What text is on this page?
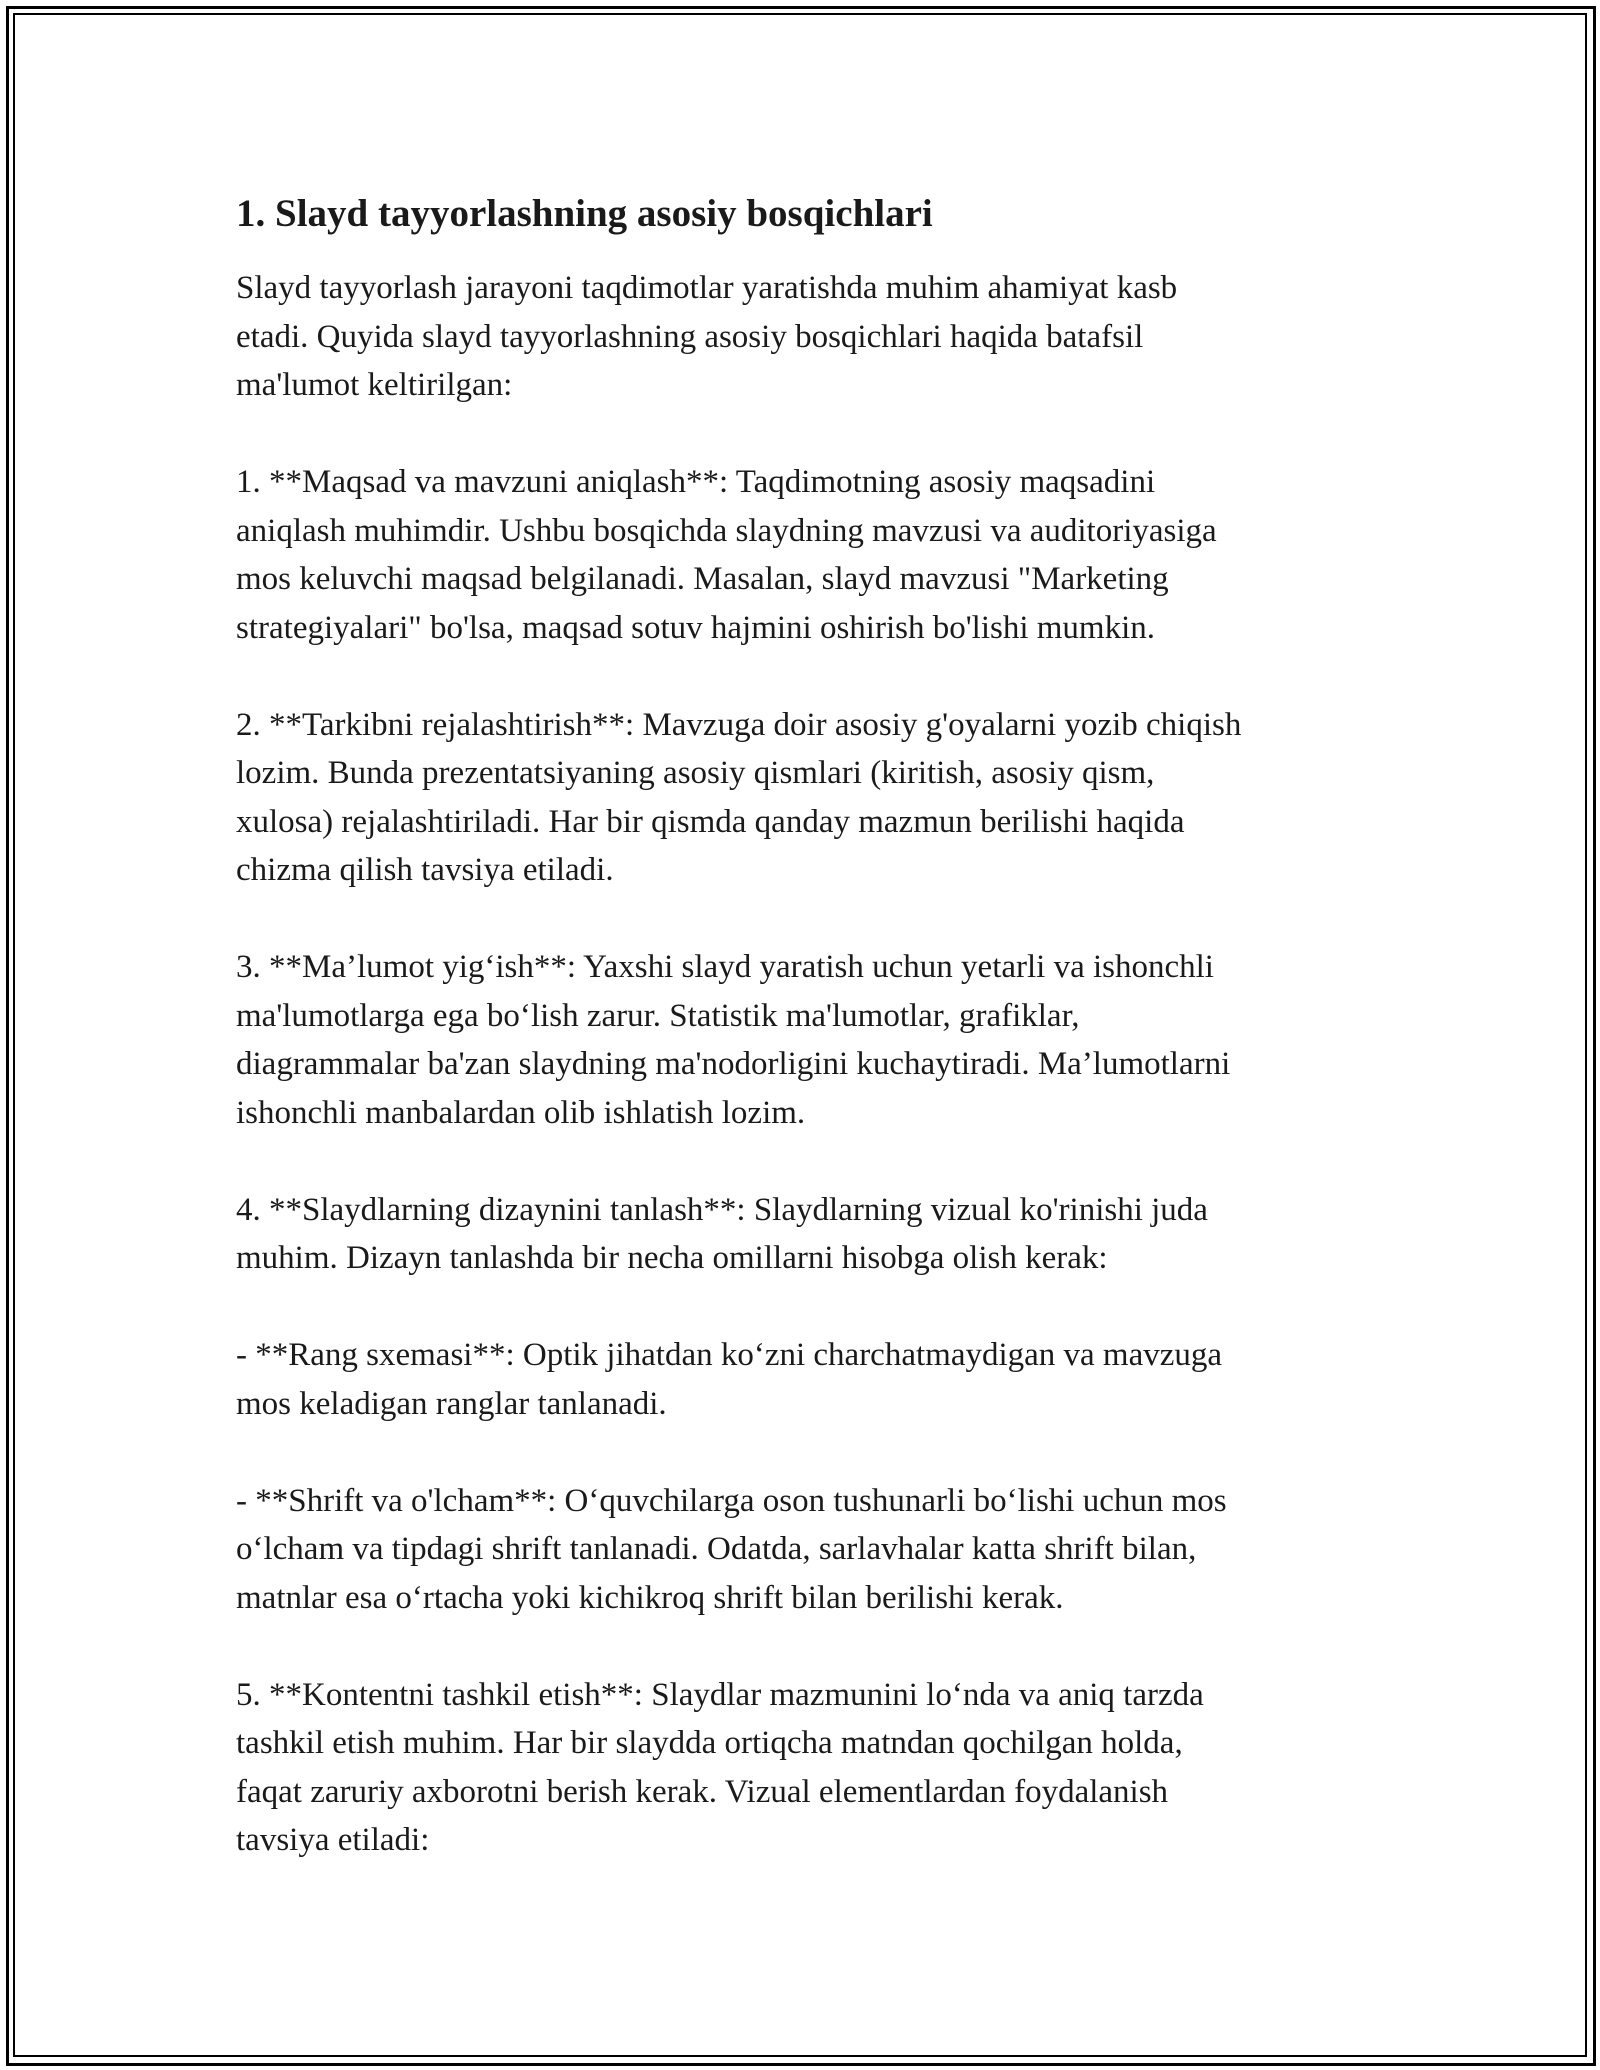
1. Slayd tayyorlashning asosiy bosqichlari

Slayd tayyorlash jarayoni taqdimotlar yaratishda muhim ahamiyat kasb
etadi. Quyida slayd tayyorlashning asosiy bosqichlari haqida batafsil
ma'lumot keltirilgan:

1. **Maqsad va mavzuni aniqlash**: Taqdimotning asosiy maqsadini
aniqlash muhimdir. Ushbu bosqichda slaydning mavzusi va auditoriyasiga
mos keluvchi maqsad belgilanadi. Masalan, slayd mavzusi "Marketing
strategiyalari" bo'lsa, maqsad sotuv hajmini oshirish bo'lishi mumkin.

2. **Tarkibni rejalashtirish**: Mavzuga doir asosiy g'oyalarni yozib chiqish
lozim. Bunda prezentatsiyaning asosiy qismlari (kiritish, asosiy qism,
xulosa) rejalashtiriladi. Har bir qismda qanday mazmun berilishi haqida
chizma qilish tavsiya etiladi.

3. **Ma’lumot yig‘ish**: Yaxshi slayd yaratish uchun yetarli va ishonchli
ma'lumotlarga ega bo‘lish zarur. Statistik ma'lumotlar, grafiklar,
diagrammalar ba'zan slaydning ma'nodorligini kuchaytiradi. Ma’lumotlarni
ishonchli manbalardan olib ishlatish lozim.

4. **Slaydlarning dizaynini tanlash**: Slaydlarning vizual ko'rinishi juda
muhim. Dizayn tanlashda bir necha omillarni hisobga olish kerak:

- **Rang sxemasi**: Optik jihatdan ko‘zni charchatmaydigan va mavzuga
mos keladigan ranglar tanlanadi.

- **Shrift va o'lcham**: O‘quvchilarga oson tushunarli bo‘lishi uchun mos
o‘lcham va tipdagi shrift tanlanadi. Odatda, sarlavhalar katta shrift bilan,
matnlar esa o‘rtacha yoki kichikroq shrift bilan berilishi kerak.

5. **Kontentni tashkil etish**: Slaydlar mazmunini lo‘nda va aniq tarzda
tashkil etish muhim. Har bir slaydda ortiqcha matndan qochilgan holda,
faqat zaruriy axborotni berish kerak. Vizual elementlardan foydalanish
tavsiya etiladi:
